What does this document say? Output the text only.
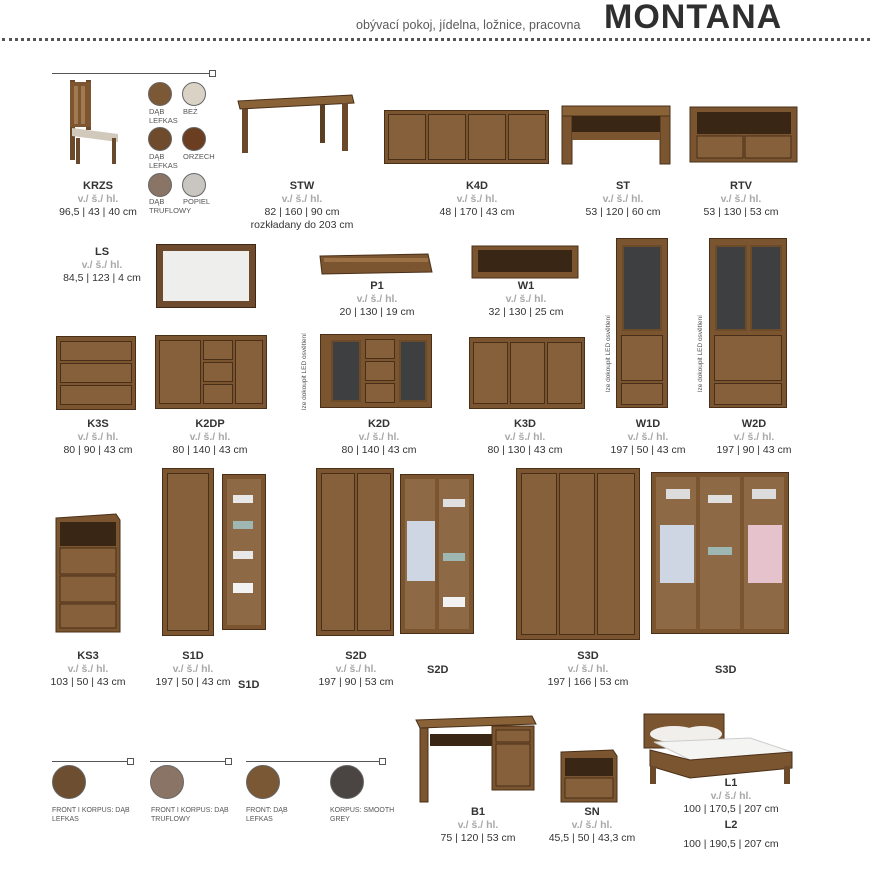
obývací pokoj, jídelna, ložnice, pracovna MONTANA
DĄB LEFKAS
BEŻ
DĄB LEFKAS
ORZECH
DĄB TRUFLOWY
POPIEL
KRZS
v./ š./ hl.
96,5 | 43 | 40 cm
STW
v./ š./ hl.
82 | 160 | 90 cm
rozkładany do 203 cm
K4D
v./ š./ hl.
48 | 170 | 43 cm
ST
v./ š./ hl.
53 | 120 | 60 cm
RTV
v./ š./ hl.
53 | 130 | 53 cm
LS
v./ š./ hl.
84,5 | 123 | 4 cm
P1
v./ š./ hl.
20 | 130 | 19 cm
W1
v./ š./ hl.
32 | 130 | 25 cm
lze dokoupit LED osvětlení	lze dokoupit LED osvětlení
K3S
v./ š./ hl.
80 | 90 | 43 cm
K2DP
v./ š./ hl.
80 | 140 | 43 cm
lze dokoupit LED osvětlení
K2D
v./ š./ hl.
80 | 140 | 43 cm
K3D
v./ š./ hl.
80 | 130 | 43 cm
W1D
v./ š./ hl.
197 | 50 | 43 cm
W2D
v./ š./ hl.
197 | 90 | 43 cm
KS3
v./ š./ hl.
103 | 50 | 43 cm
S1D
v./ š./ hl.
197 | 50 | 43 cm S1D
S2D
v./ š./ hl.
197 | 90 | 53 cm
S2D
S3D
v./ š./ hl.
197 | 166 | 53 cm
S3D
FRONT I KORPUS: DĄB LEFKAS
FRONT I KORPUS: DĄB TRUFLOWY
FRONT: DĄB LEFKAS
KORPUS: SMOOTH GREY
B1
v./ š./ hl.
75 | 120 | 53 cm
SN
v./ š./ hl.
45,5 | 50 | 43,3 cm
L1
v./ š./ hl.
100 | 170,5 | 207 cm
L2
100 | 190,5 | 207 cm
